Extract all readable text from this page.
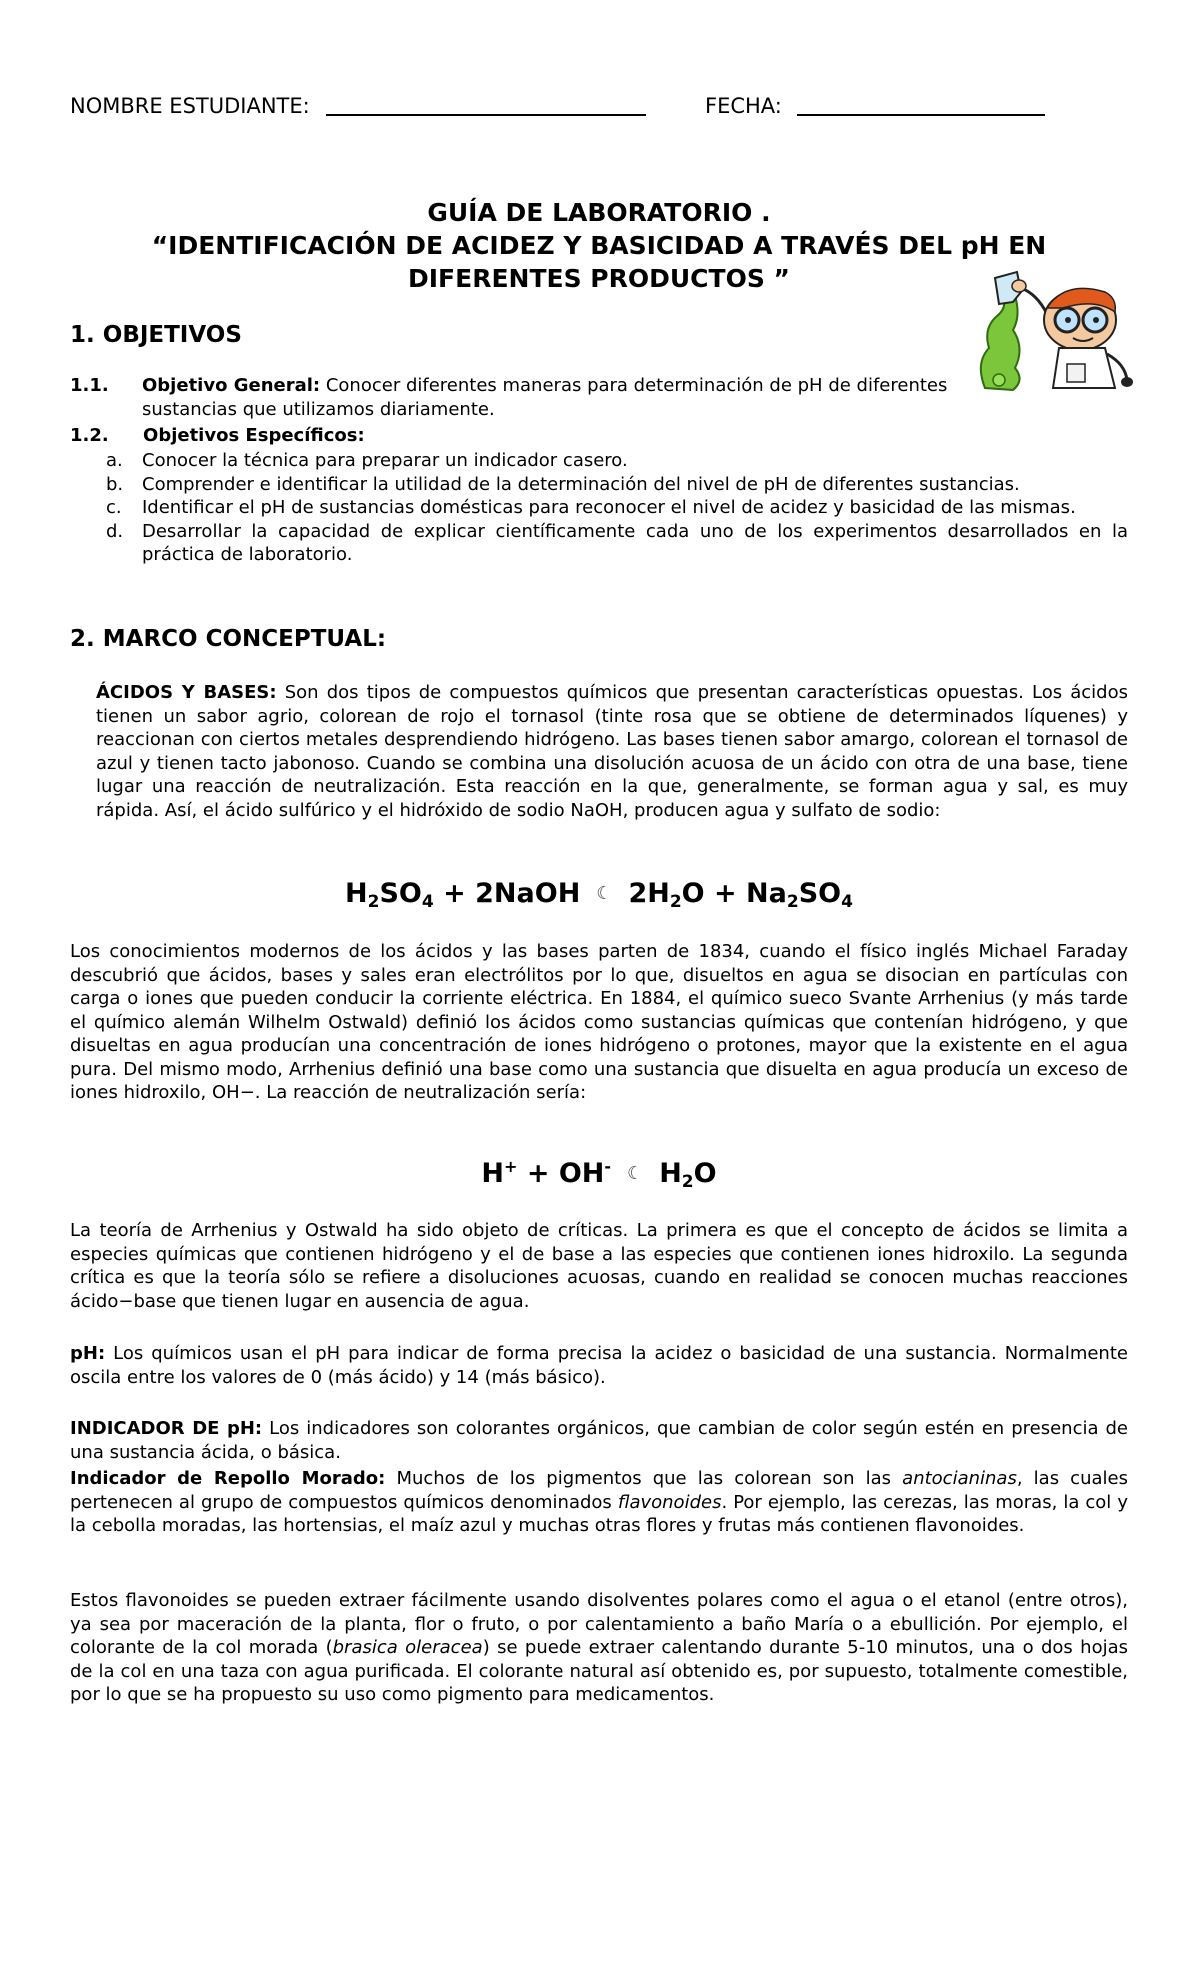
NOMBRE ESTUDIANTE:	FECHA:
GUÍA DE LABORATORIO .
“IDENTIFICACIÓN DE ACIDEZ Y BASICIDAD A TRAVÉS DEL pH EN
DIFERENTES PRODUCTOS ”
1. OBJETIVOS
1.1. Objetivo General: Conocer diferentes maneras para determinación de pH de diferentes
sustancias que utilizamos diariamente.
1.2. Objetivos Específicos:
a. Conocer la técnica para preparar un indicador casero.
b. Comprender e identificar la utilidad de la determinación del nivel de pH de diferentes sustancias.
c. Identificar el pH de sustancias domésticas para reconocer el nivel de acidez y basicidad de las mismas.
d. Desarrollar la capacidad de explicar científicamente cada uno de los experimentos desarrollados en la práctica de laboratorio.
2. MARCO CONCEPTUAL:
ÁCIDOS Y BASES: Son dos tipos de compuestos químicos que presentan características opuestas. Los ácidos tienen un sabor agrio, colorean de rojo el tornasol (tinte rosa que se obtiene de determinados líquenes) y reaccionan con ciertos metales desprendiendo hidrógeno. Las bases tienen sabor amargo, colorean el tornasol de azul y tienen tacto jabonoso. Cuando se combina una disolución acuosa de un ácido con otra de una base, tiene lugar una reacción de neutralización. Esta reacción en la que, generalmente, se forman agua y sal, es muy rápida. Así, el ácido sulfúrico y el hidróxido de sodio NaOH, producen agua y sulfato de sodio:
$H_2SO_4$ + 2NaOH ☾ $2H_2O + Na_2SO_4$
Los conocimientos modernos de los ácidos y las bases parten de 1834, cuando el físico inglés Michael Faraday descubrió que ácidos, bases y sales eran electrólitos por lo que, disueltos en agua se disocian en partículas con carga o iones que pueden conducir la corriente eléctrica. En 1884, el químico sueco Svante Arrhenius (y más tarde el químico alemán Wilhelm Ostwald) definió los ácidos como sustancias químicas que contenían hidrógeno, y que disueltas en agua producían una concentración de iones hidrógeno o protones, mayor que la existente en el agua pura. Del mismo modo, Arrhenius definió una base como una sustancia que disuelta en agua producía un exceso de iones hidroxilo, OH−. La reacción de neutralización sería:
H+ + OH- ☾ $H_2O$
La teoría de Arrhenius y Ostwald ha sido objeto de críticas. La primera es que el concepto de ácidos se limita a especies químicas que contienen hidrógeno y el de base a las especies que contienen iones hidroxilo. La segunda crítica es que la teoría sólo se refiere a disoluciones acuosas, cuando en realidad se conocen muchas reacciones ácido−base que tienen lugar en ausencia de agua.
pH: Los químicos usan el pH para indicar de forma precisa la acidez o basicidad de una sustancia. Normalmente oscila entre los valores de 0 (más ácido) y 14 (más básico).
INDICADOR DE pH: Los indicadores son colorantes orgánicos, que cambian de color según estén en presencia de una sustancia ácida, o básica.
Indicador de Repollo Morado: Muchos de los pigmentos que las colorean son las antocianinas, las cuales pertenecen al grupo de compuestos químicos denominados flavonoides. Por ejemplo, las cerezas, las moras, la col y la cebolla moradas, las hortensias, el maíz azul y muchas otras flores y frutas más contienen flavonoides.
Estos flavonoides se pueden extraer fácilmente usando disolventes polares como el agua o el etanol (entre otros), ya sea por maceración de la planta, flor o fruto, o por calentamiento a baño María o a ebullición. Por ejemplo, el colorante de la col morada (brasica oleracea) se puede extraer calentando durante 5-10 minutos, una o dos hojas de la col en una taza con agua purificada. El colorante natural así obtenido es, por supuesto, totalmente comestible, por lo que se ha propuesto su uso como pigmento para medicamentos.
